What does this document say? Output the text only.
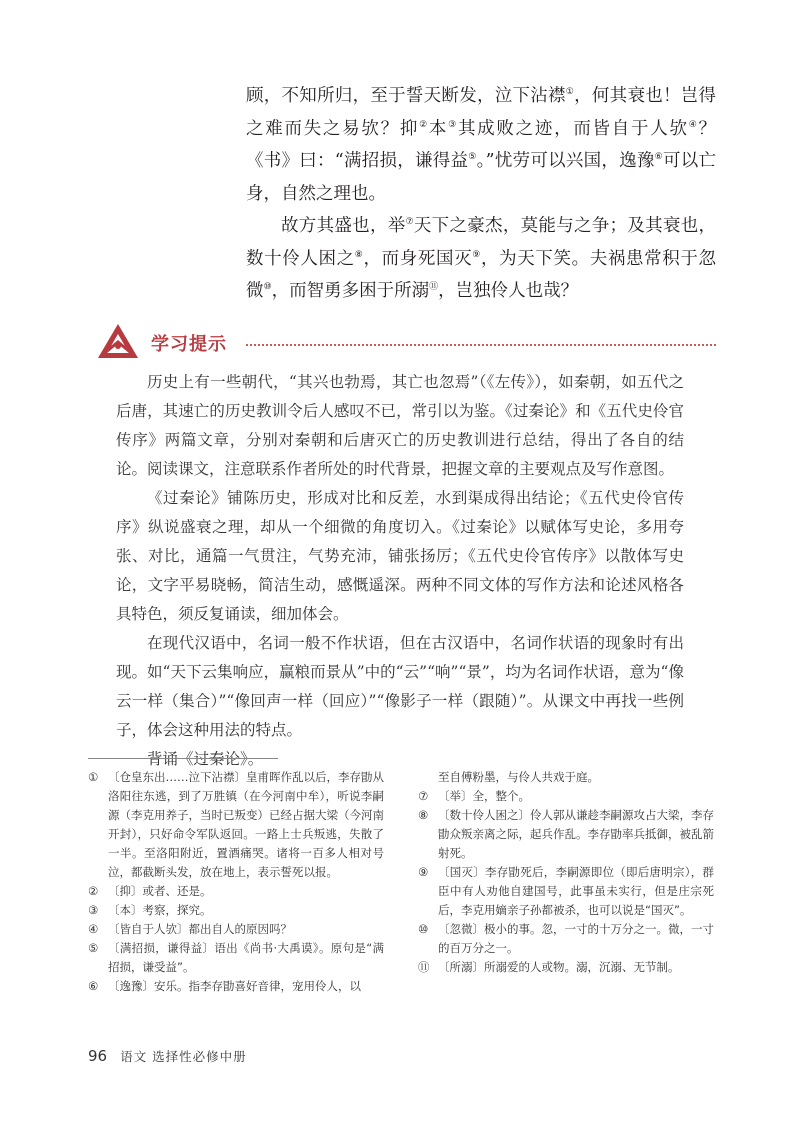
顾，不知所归，至于誓天断发，泣下沾襟①，何其衰也！岂得之难而失之易欤？抑②本③其成败之迹，而皆自于人欤④？《书》曰：“满招损，谦得益⑤。”忧劳可以兴国，逸豫⑥可以亡身，自然之理也。

故方其盛也，举⑦天下之豪杰，莫能与之争；及其衰也，数十伶人困之⑧，而身死国灭⑨，为天下笑。夫祸患常积于忽微⑩，而智勇多困于所溺⑪，岂独伶人也哉？

学习提示

历史上有一些朝代，“其兴也勃焉，其亡也忽焉”（《左传》），如秦朝，如五代之后唐，其速亡的历史教训令后人感叹不已，常引以为鉴。《过秦论》和《五代史伶官传序》两篇文章，分别对秦朝和后唐灭亡的历史教训进行总结，得出了各自的结论。阅读课文，注意联系作者所处的时代背景，把握文章的主要观点及写作意图。

《过秦论》铺陈历史，形成对比和反差，水到渠成得出结论；《五代史伶官传序》纵说盛衰之理，却从一个细微的角度切入。《过秦论》以赋体写史论，多用夸张、对比，通篇一气贯注，气势充沛，铺张扬厉；《五代史伶官传序》以散体写史论，文字平易晓畅，简洁生动，感慨遥深。两种不同文体的写作方法和论述风格各具特色，须反复诵读，细加体会。

在现代汉语中，名词一般不作状语，但在古汉语中，名词作状语的现象时有出现。如“天下云集响应，赢粮而景从”中的“云”“响”“景”，均为名词作状语，意为“像云一样（集合）”“像回声一样（回应）”“像影子一样（跟随）”。从课文中再找一些例子，体会这种用法的特点。

背诵《过秦论》。

① 〔仓皇东出……泣下沾襟〕皇甫晖作乱以后，李存勖从洛阳往东逃，到了万胜镇（在今河南中牟），听说李嗣源（李克用养子，当时已叛变）已经占据大梁（今河南开封），只好命令军队返回。一路上士兵叛逃，失散了一半。至洛阳附近，置酒痛哭。诸将一百多人相对号泣，都截断头发，放在地上，表示誓死以报。
② 〔抑〕或者、还是。
③ 〔本〕考察，探究。
④ 〔皆自于人欤〕都出自人的原因吗？
⑤ 〔满招损，谦得益〕语出《尚书·大禹谟》。原句是“满招损，谦受益”。
⑥ 〔逸豫〕安乐。指李存勖喜好音律，宠用伶人，以
至自傅粉墨，与伶人共戏于庭。
⑦ 〔举〕全，整个。
⑧ 〔数十伶人困之〕伶人郭从谦趁李嗣源攻占大梁，李存勖众叛亲离之际，起兵作乱。李存勖率兵抵御，被乱箭射死。
⑨ 〔国灭〕李存勖死后，李嗣源即位（即后唐明宗），群臣中有人劝他自建国号，此事虽未实行，但是庄宗死后，李克用嫡亲子孙都被杀，也可以说是“国灭”。
⑩ 〔忽微〕极小的事。忽，一寸的十万分之一。微，一寸的百万分之一。
⑪ 〔所溺〕所溺爱的人或物。溺，沉溺、无节制。
96 语文 选择性必修中册
